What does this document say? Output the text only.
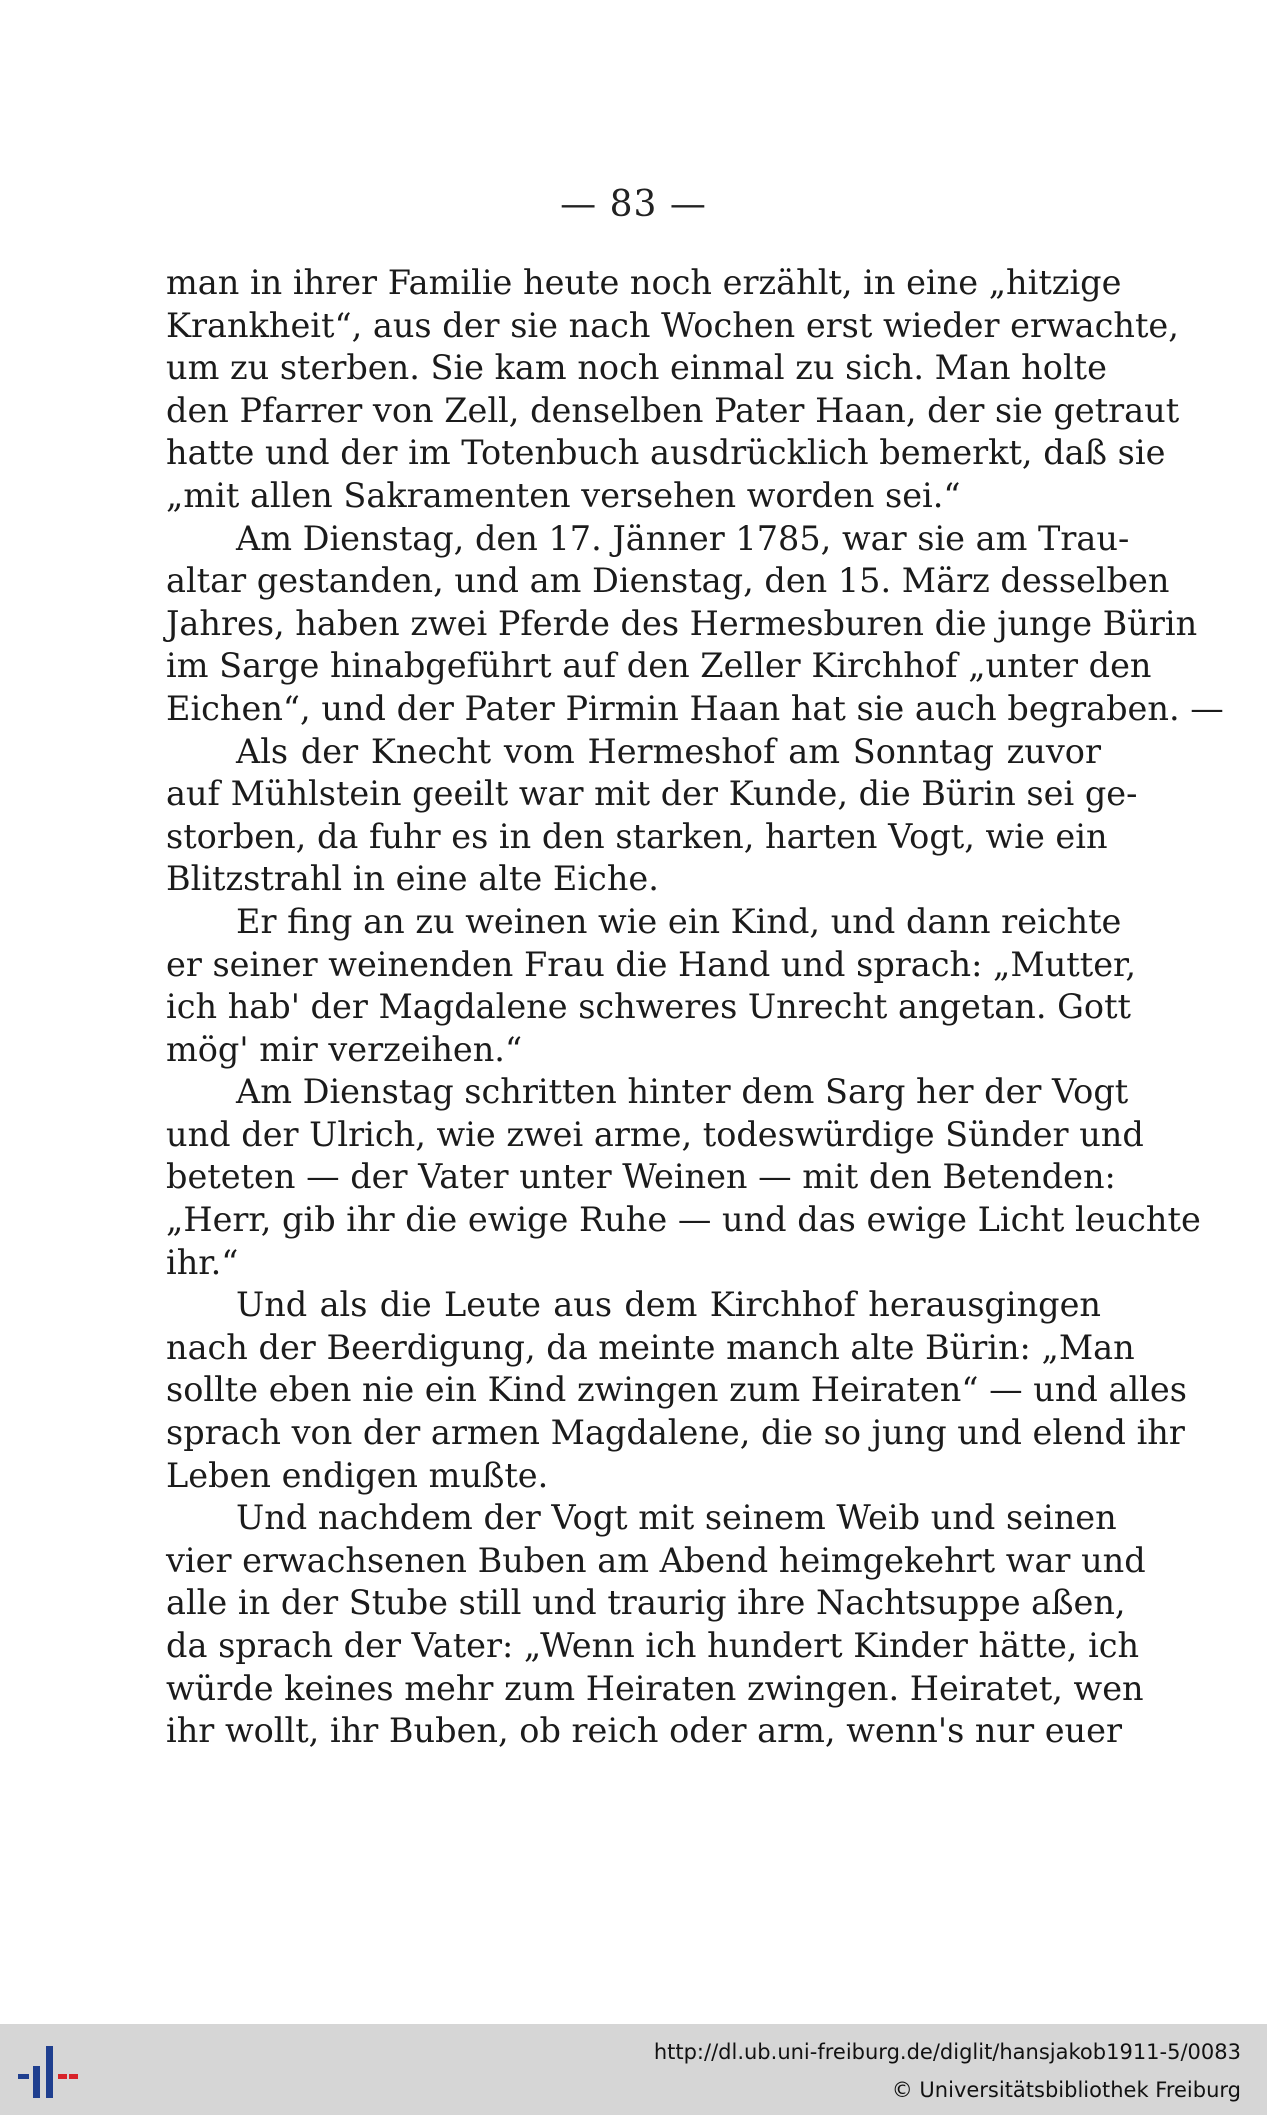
— 83 —
man in ihrer Familie heute noch erzählt, in eine „hitzige
Krankheit“, aus der sie nach Wochen erst wieder erwachte,
um zu sterben. Sie kam noch einmal zu sich. Man holte
den Pfarrer von Zell, denselben Pater Haan, der sie getraut
hatte und der im Totenbuch ausdrücklich bemerkt, daß sie
„mit allen Sakramenten versehen worden sei.“
Am Dienstag, den 17. Jänner 1785, war sie am Trau-
altar gestanden, und am Dienstag, den 15. März desselben
Jahres, haben zwei Pferde des Hermesburen die junge Bürin
im Sarge hinabgeführt auf den Zeller Kirchhof „unter den
Eichen“, und der Pater Pirmin Haan hat sie auch begraben. —
Als der Knecht vom Hermeshof am Sonntag zuvor
auf Mühlstein geeilt war mit der Kunde, die Bürin sei ge-
storben, da fuhr es in den starken, harten Vogt, wie ein
Blitzstrahl in eine alte Eiche.
Er fing an zu weinen wie ein Kind, und dann reichte
er seiner weinenden Frau die Hand und sprach: „Mutter,
ich hab' der Magdalene schweres Unrecht angetan. Gott
mög' mir verzeihen.“
Am Dienstag schritten hinter dem Sarg her der Vogt
und der Ulrich, wie zwei arme, todeswürdige Sünder und
beteten — der Vater unter Weinen — mit den Betenden:
„Herr, gib ihr die ewige Ruhe — und das ewige Licht leuchte
ihr.“
Und als die Leute aus dem Kirchhof herausgingen
nach der Beerdigung, da meinte manch alte Bürin: „Man
sollte eben nie ein Kind zwingen zum Heiraten“ — und alles
sprach von der armen Magdalene, die so jung und elend ihr
Leben endigen mußte.
Und nachdem der Vogt mit seinem Weib und seinen
vier erwachsenen Buben am Abend heimgekehrt war und
alle in der Stube still und traurig ihre Nachtsuppe aßen,
da sprach der Vater: „Wenn ich hundert Kinder hätte, ich
würde keines mehr zum Heiraten zwingen. Heiratet, wen
ihr wollt, ihr Buben, ob reich oder arm, wenn's nur euer
http://dl.ub.uni-freiburg.de/diglit/hansjakob1911-5/0083
© Universitätsbibliothek Freiburg
